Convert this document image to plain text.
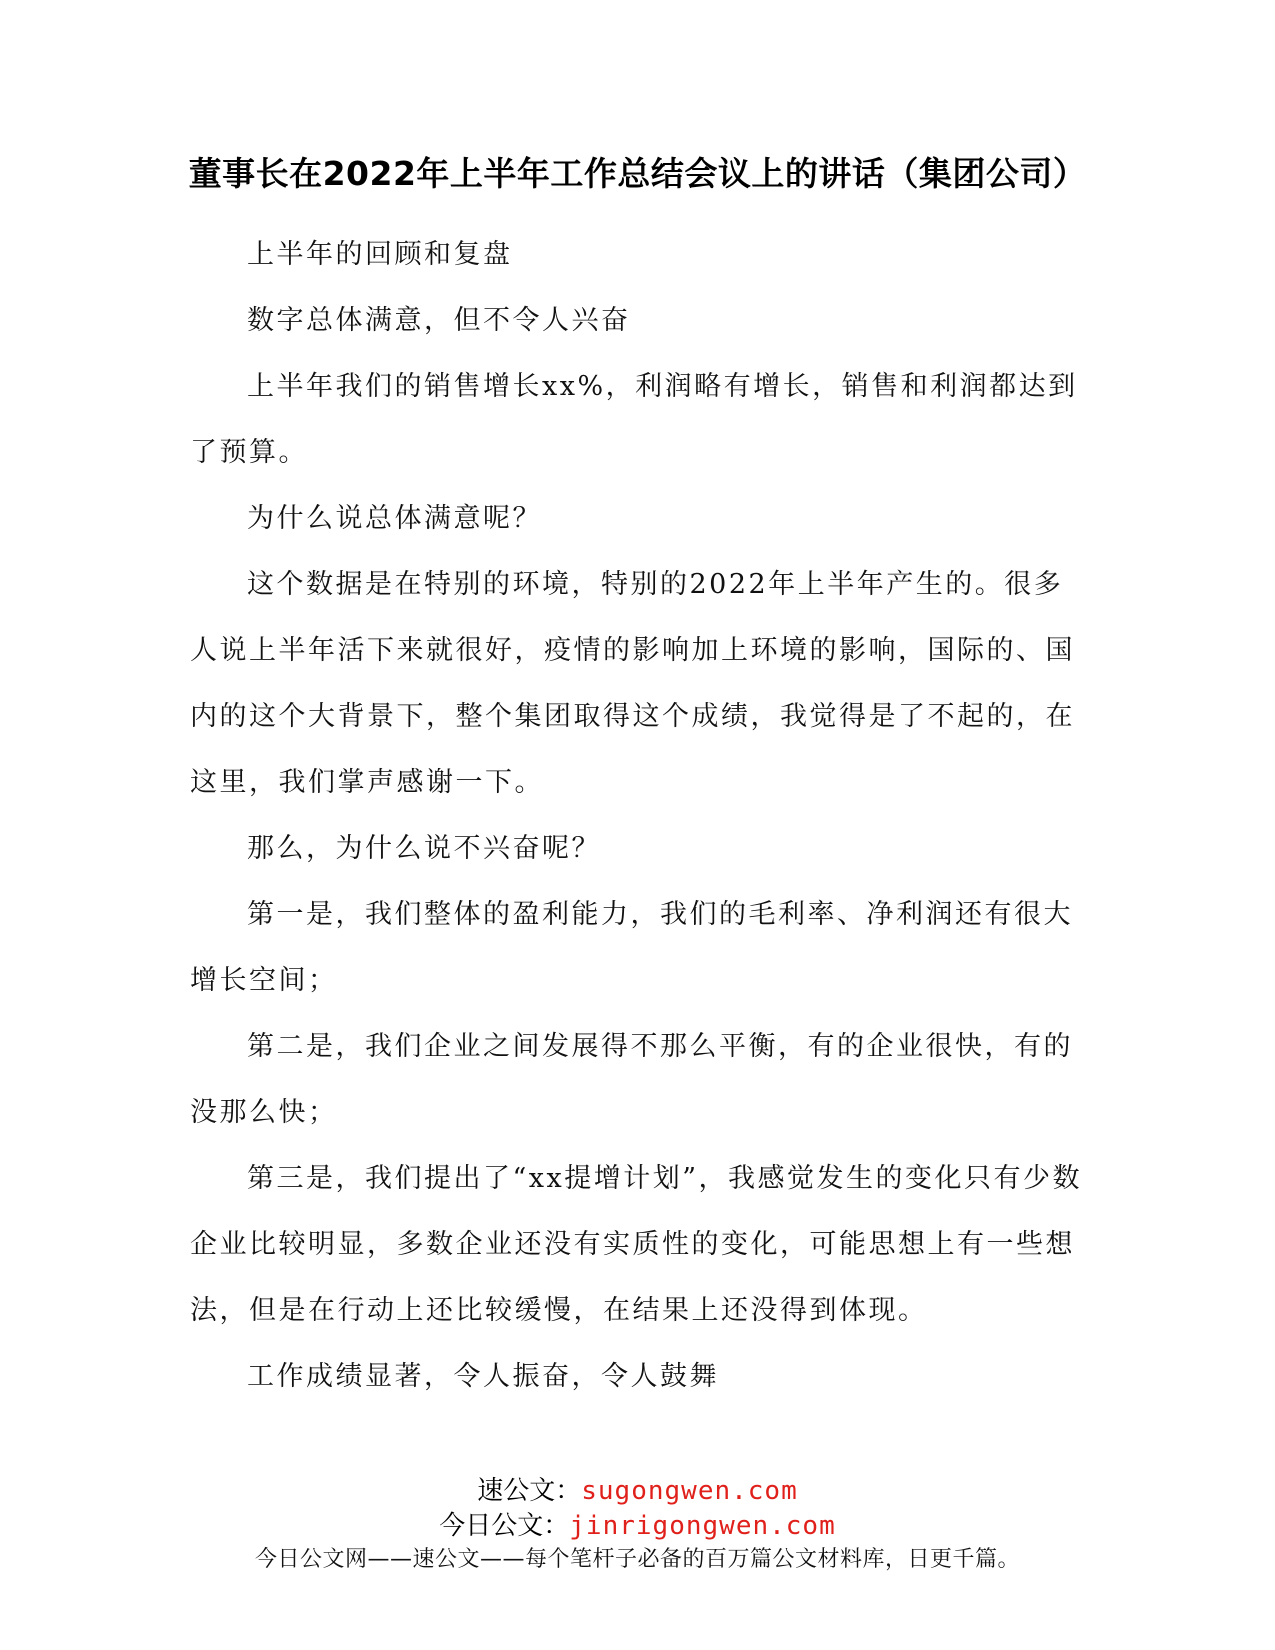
董事长在2022年上半年工作总结会议上的讲话（集团公司）

上半年的回顾和复盘

数字总体满意，但不令人兴奋

上半年我们的销售增长xx%，利润略有增长，销售和利润都达到了预算。

为什么说总体满意呢？

这个数据是在特别的环境，特别的2022年上半年产生的。很多人说上半年活下来就很好，疫情的影响加上环境的影响，国际的、国内的这个大背景下，整个集团取得这个成绩，我觉得是了不起的，在这里，我们掌声感谢一下。

那么，为什么说不兴奋呢？

第一是，我们整体的盈利能力，我们的毛利率、净利润还有很大增长空间；

第二是，我们企业之间发展得不那么平衡，有的企业很快，有的没那么快；

第三是，我们提出了“xx提增计划”，我感觉发生的变化只有少数企业比较明显，多数企业还没有实质性的变化，可能思想上有一些想法，但是在行动上还比较缓慢，在结果上还没得到体现。

工作成绩显著，令人振奋，令人鼓舞

速公文：sugongwen.com
今日公文：jinrigongwen.com
今日公文网——速公文——每个笔杆子必备的百万篇公文材料库，日更千篇。
